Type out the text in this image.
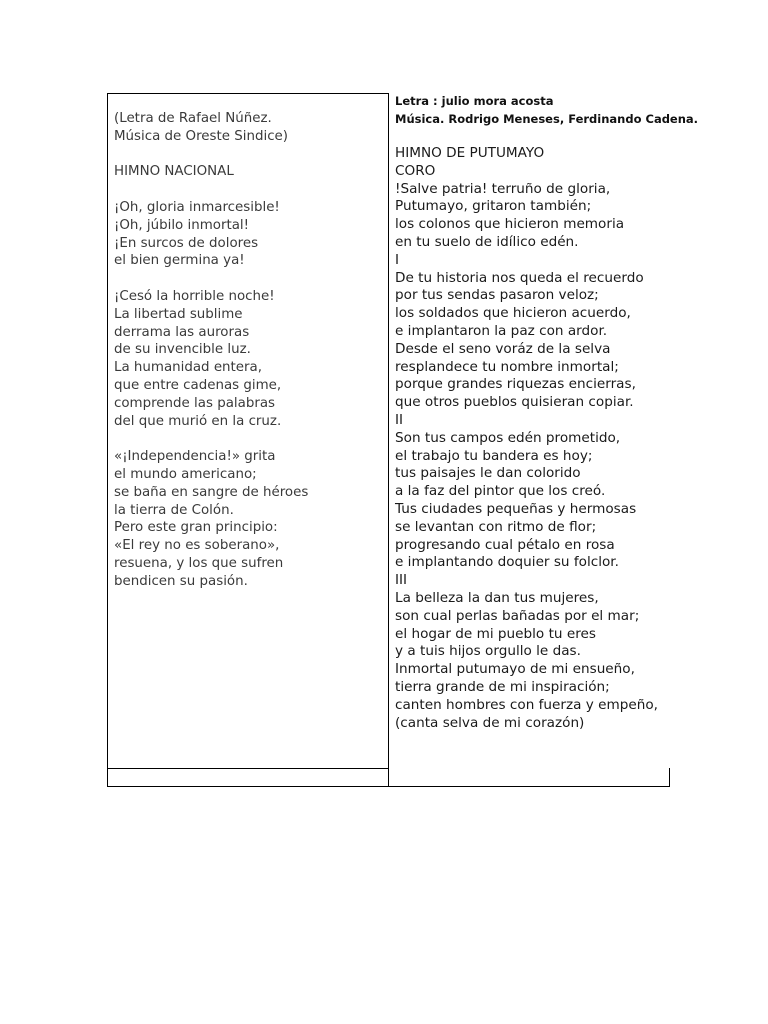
Letra : julio mora acosta
Música. Rodrigo Meneses, Ferdinando Cadena.
(Letra de Rafael Núñez.
Música de Oreste Sindice)
HIMNO NACIONAL
¡Oh, gloria inmarcesible!
¡Oh, júbilo inmortal!
¡En surcos de dolores
el bien germina ya!
¡Cesó la horrible noche!
La libertad sublime
derrama las auroras
de su invencible luz.
La humanidad entera,
que entre cadenas gime,
comprende las palabras
del que murió en la cruz.
«¡Independencia!» grita
el mundo americano;
se baña en sangre de héroes
la tierra de Colón.
Pero este gran principio:
«El rey no es soberano»,
resuena, y los que sufren
bendicen su pasión.
HIMNO DE PUTUMAYO
CORO
!Salve patria! terruño de gloria,
Putumayo, gritaron también;
los colonos que hicieron memoria
en tu suelo de idílico edén.
I
De tu historia nos queda el recuerdo
por tus sendas pasaron veloz;
los soldados que hicieron acuerdo,
e implantaron la paz con ardor.
Desde el seno voráz de la selva
resplandece tu nombre inmortal;
porque grandes riquezas encierras,
que otros pueblos quisieran copiar.
II
Son tus campos edén prometido,
el trabajo tu bandera es hoy;
tus paisajes le dan colorido
a la faz del pintor que los creó.
Tus ciudades pequeñas y hermosas
se levantan con ritmo de flor;
progresando cual pétalo en rosa
e implantando doquier su folclor.
III
La belleza la dan tus mujeres,
son cual perlas bañadas por el mar;
el hogar de mi pueblo tu eres
y a tuis hijos orgullo le das.
Inmortal putumayo de mi ensueño,
tierra grande de mi inspiración;
canten hombres con fuerza y empeño,
(canta selva de mi corazón)
